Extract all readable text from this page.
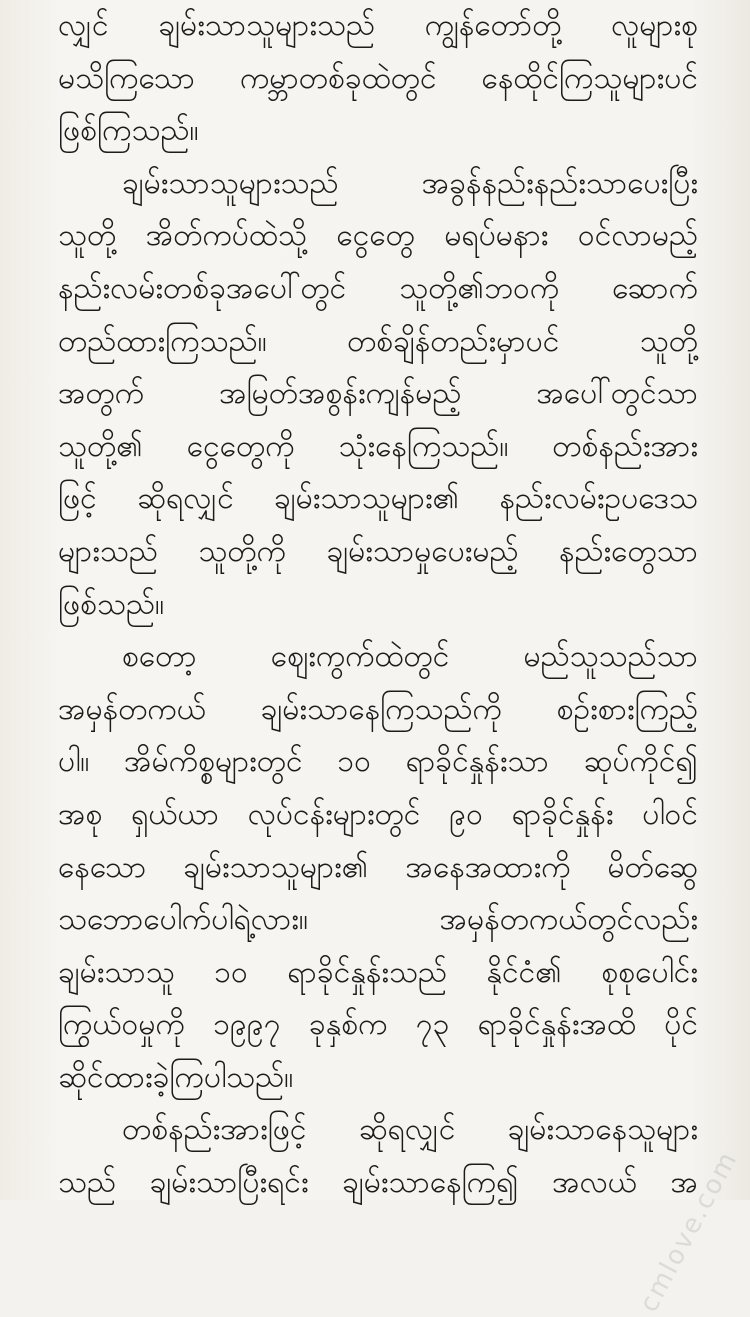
လျှင် ချမ်းသာသူများသည် ကျွန်တော်တို့ လူများစု
မသိကြသော ကမ္ဘာတစ်ခုထဲတွင် နေထိုင်ကြသူများပင်
ဖြစ်ကြသည်။
ချမ်းသာသူများသည် အခွန်နည်းနည်းသာပေးပြီး
သူတို့ အိတ်ကပ်ထဲသို့ ငွေတွေ မရပ်မနား ဝင်လာမည့်
နည်းလမ်းတစ်ခုအပေါ်တွင် သူတို့၏ဘဝကို ဆောက်
တည်ထားကြသည်။ တစ်ချိန်တည်းမှာပင် သူတို့
အတွက် အမြတ်အစွန်းကျန်မည့် အပေါ်တွင်သာ
သူတို့၏ ငွေတွေကို သုံးနေကြသည်။ တစ်နည်းအား
ဖြင့် ဆိုရလျှင် ချမ်းသာသူများ၏ နည်းလမ်းဥပဒေသ
များသည် သူတို့ကို ချမ်းသာမှုပေးမည့် နည်းတွေသာ
ဖြစ်သည်။
စတော့ ဈေးကွက်ထဲတွင် မည်သူသည်သာ
အမှန်တကယ် ချမ်းသာနေကြသည်ကို စဉ်းစားကြည့်
ပါ။ အိမ်ကိစ္စများတွင် ၁၀ ရာခိုင်နှုန်းသာ ဆုပ်ကိုင်၍
အစု ရှယ်ယာ လုပ်ငန်းများတွင် ၉၀ ရာခိုင်နှုန်း ပါဝင်
နေသော ချမ်းသာသူများ၏ အနေအထားကို မိတ်ဆွေ
သဘောပေါက်ပါရဲ့လား။ အမှန်တကယ်တွင်လည်း
ချမ်းသာသူ ၁၀ ရာခိုင်နှုန်းသည် နိုင်ငံ၏ စုစုပေါင်း
ကြွယ်ဝမှုကို ၁၉၉၇ ခုနှစ်က ၇၃ ရာခိုင်နှုန်းအထိ ပိုင်
ဆိုင်ထားခဲ့ကြပါသည်။
တစ်နည်းအားဖြင့် ဆိုရလျှင် ချမ်းသာနေသူများ
သည် ချမ်းသာပြီးရင်း ချမ်းသာနေကြ၍ အလယ် အ
cmlove.com
